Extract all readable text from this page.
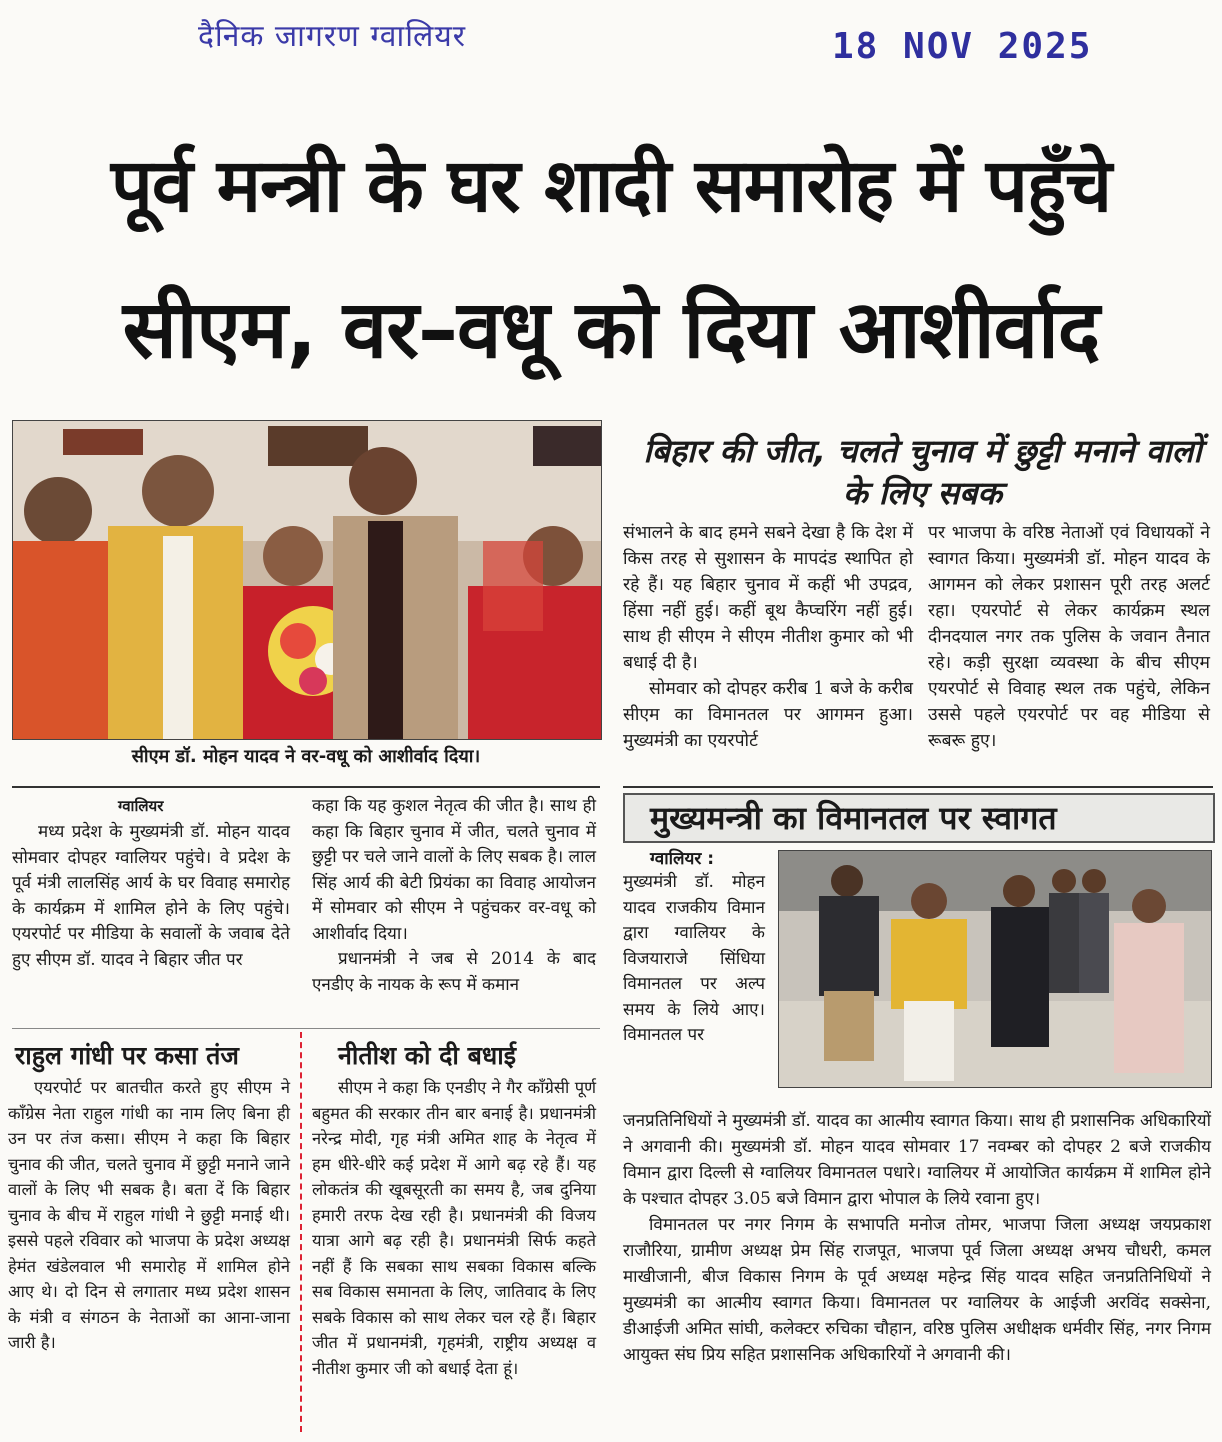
दैनिक जागरण ग्वालियर	18 NOV 2025
पूर्व मन्त्री के घर शादी समारोह में पहुँचे
सीएम, वर–वधू को दिया आशीर्वाद
सीएम डॉ. मोहन यादव ने वर-वधू को आशीर्वाद दिया।
बिहार की जीत, चलते चुनाव में छुट्टी मनाने वालों के लिए सबक

संभालने के बाद हमने सबने देखा है कि देश में किस तरह से सुशासन के मापदंड स्थापित हो रहे हैं। यह बिहार चुनाव में कहीं भी उपद्रव, हिंसा नहीं हुई। कहीं बूथ कैप्चरिंग नहीं हुई। साथ ही सीएम ने सीएम नीतीश कुमार को भी बधाई दी है।

सोमवार को दोपहर करीब 1 बजे के करीब सीएम का विमानतल पर आगमन हुआ। मुख्यमंत्री का एयरपोर्ट

पर भाजपा के वरिष्ठ नेताओं एवं विधायकों ने स्वागत किया। मुख्यमंत्री डॉ. मोहन यादव के आगमन को लेकर प्रशासन पूरी तरह अलर्ट रहा। एयरपोर्ट से लेकर कार्यक्रम स्थल दीनदयाल नगर तक पुलिस के जवान तैनात रहे। कड़ी सुरक्षा व्यवस्था के बीच सीएम एयरपोर्ट से विवाह स्थल तक पहुंचे, लेकिन उससे पहले एयरपोर्ट पर वह मीडिया से रूबरू हुए।

ग्वालियर

मध्य प्रदेश के मुख्यमंत्री डॉ. मोहन यादव सोमवार दोपहर ग्वालियर पहुंचे। वे प्रदेश के पूर्व मंत्री लालसिंह आर्य के घर विवाह समारोह के कार्यक्रम में शामिल होने के लिए पहुंचे। एयरपोर्ट पर मीडिया के सवालों के जवाब देते हुए सीएम डॉ. यादव ने बिहार जीत पर

कहा कि यह कुशल नेतृत्व की जीत है। साथ ही कहा कि बिहार चुनाव में जीत, चलते चुनाव में छुट्टी पर चले जाने वालों के लिए सबक है। लाल सिंह आर्य की बेटी प्रियंका का विवाह आयोजन में सोमवार को सीएम ने पहुंचकर वर-वधू को आशीर्वाद दिया।

प्रधानमंत्री ने जब से 2014 के बाद एनडीए के नायक के रूप में कमान

राहुल गांधी पर कसा तंज

एयरपोर्ट पर बातचीत करते हुए सीएम ने कॉंग्रेस नेता राहुल गांधी का नाम लिए बिना ही उन पर तंज कसा। सीएम ने कहा कि बिहार चुनाव की जीत, चलते चुनाव में छुट्टी मनाने जाने वालों के लिए भी सबक है। बता दें कि बिहार चुनाव के बीच में राहुल गांधी ने छुट्टी मनाई थी। इससे पहले रविवार को भाजपा के प्रदेश अध्यक्ष हेमंत खंडेलवाल भी समारोह में शामिल होने आए थे। दो दिन से लगातार मध्य प्रदेश शासन के मंत्री व संगठन के नेताओं का आना-जाना जारी है।

नीतीश को दी बधाई

सीएम ने कहा कि एनडीए ने गैर कॉंग्रेसी पूर्ण बहुमत की सरकार तीन बार बनाई है। प्रधानमंत्री नरेन्द्र मोदी, गृह मंत्री अमित शाह के नेतृत्व में हम धीरे-धीरे कई प्रदेश में आगे बढ़ रहे हैं। यह लोकतंत्र की खूबसूरती का समय है, जब दुनिया हमारी तरफ देख रही है। प्रधानमंत्री की विजय यात्रा आगे बढ़ रही है। प्रधानमंत्री सिर्फ कहते नहीं हैं कि सबका साथ सबका विकास बल्कि सब विकास समानता के लिए, जातिवाद के लिए सबके विकास को साथ लेकर चल रहे हैं। बिहार जीत में प्रधानमंत्री, गृहमंत्री, राष्ट्रीय अध्यक्ष व नीतीश कुमार जी को बधाई देता हूं।

मुख्यमन्त्री का विमानतल पर स्वागत
ग्वालियर :

मुख्यमंत्री डॉ. मोहन यादव राजकीय विमान द्वारा ग्वालियर के विजयाराजे सिंधिया विमानतल पर अल्प समय के लिये आए। विमानतल पर

जनप्रतिनिधियों ने मुख्यमंत्री डॉ. यादव का आत्मीय स्वागत किया। साथ ही प्रशासनिक अधिकारियों ने अगवानी की। मुख्यमंत्री डॉ. मोहन यादव सोमवार 17 नवम्बर को दोपहर 2 बजे राजकीय विमान द्वारा दिल्ली से ग्वालियर विमानतल पधारे। ग्वालियर में आयोजित कार्यक्रम में शामिल होने के पश्चात दोपहर 3.05 बजे विमान द्वारा भोपाल के लिये रवाना हुए।

विमानतल पर नगर निगम के सभापति मनोज तोमर, भाजपा जिला अध्यक्ष जयप्रकाश राजौरिया, ग्रामीण अध्यक्ष प्रेम सिंह राजपूत, भाजपा पूर्व जिला अध्यक्ष अभय चौधरी, कमल माखीजानी, बीज विकास निगम के पूर्व अध्यक्ष महेन्द्र सिंह यादव सहित जनप्रतिनिधियों ने मुख्यमंत्री का आत्मीय स्वागत किया। विमानतल पर ग्वालियर के आईजी अरविंद सक्सेना, डीआईजी अमित सांघी, कलेक्टर रुचिका चौहान, वरिष्ठ पुलिस अधीक्षक धर्मवीर सिंह, नगर निगम आयुक्त संघ प्रिय सहित प्रशासनिक अधिकारियों ने अगवानी की।
